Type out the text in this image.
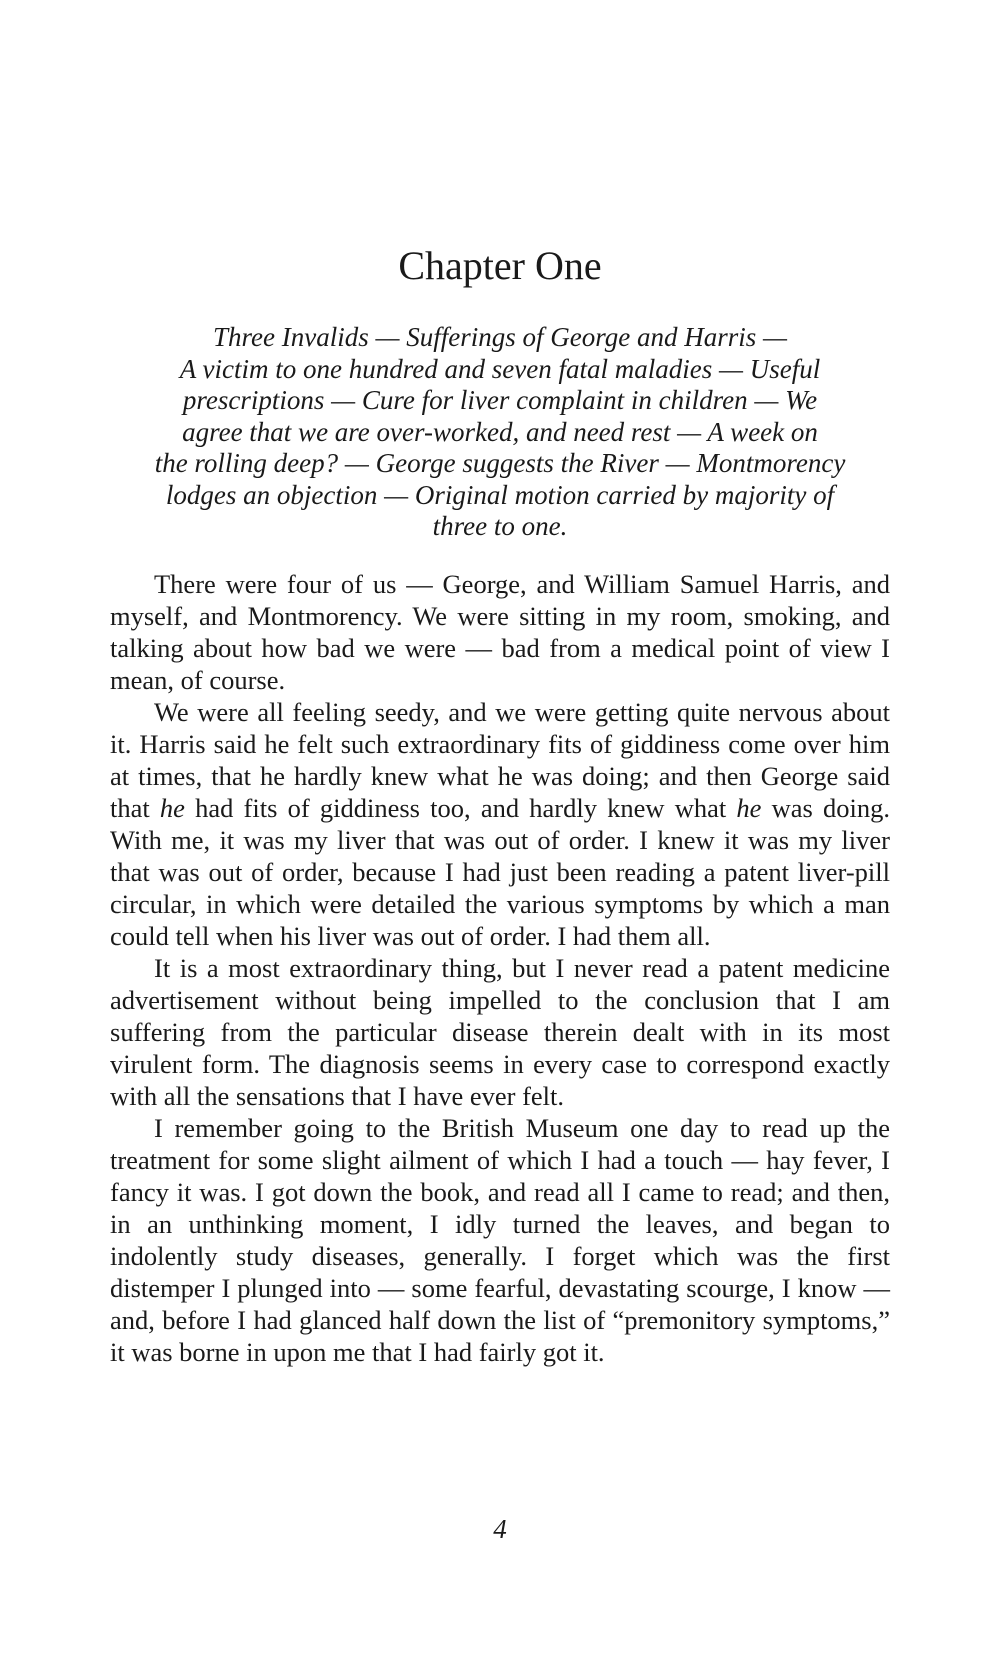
Chapter One

Three Invalids — Sufferings of George and Harris —
A victim to one hundred and seven fatal maladies — Useful
prescriptions — Cure for liver complaint in children — We
agree that we are over-worked, and need rest — A week on
the rolling deep? — George suggests the River — Montmorency
lodges an objection — Original motion carried by majority of
three to one.

There were four of us — George, and William Samuel Harris, and myself, and Montmorency. We were sitting in my room, smoking, and talking about how bad we were — bad from a medical point of view I mean, of course.

We were all feeling seedy, and we were getting quite nervous about it. Harris said he felt such extraordinary fits of giddiness come over him at times, that he hardly knew what he was doing; and then George said that he had fits of giddiness too, and hardly knew what he was doing. With me, it was my liver that was out of order. I knew it was my liver that was out of order, because I had just been reading a patent liver-pill circular, in which were detailed the various symptoms by which a man could tell when his liver was out of order. I had them all.

It is a most extraordinary thing, but I never read a patent medicine advertisement without being impelled to the conclusion that I am suffering from the particular disease therein dealt with in its most virulent form. The diagnosis seems in every case to correspond exactly with all the sensations that I have ever felt.

I remember going to the British Museum one day to read up the treatment for some slight ailment of which I had a touch — hay fever, I fancy it was. I got down the book, and read all I came to read; and then, in an unthinking moment, I idly turned the leaves, and began to indolently study diseases, generally. I forget which was the first distemper I plunged into — some fearful, devastating scourge, I know — and, before I had glanced half down the list of “premonitory symptoms,” it was borne in upon me that I had fairly got it.

4
